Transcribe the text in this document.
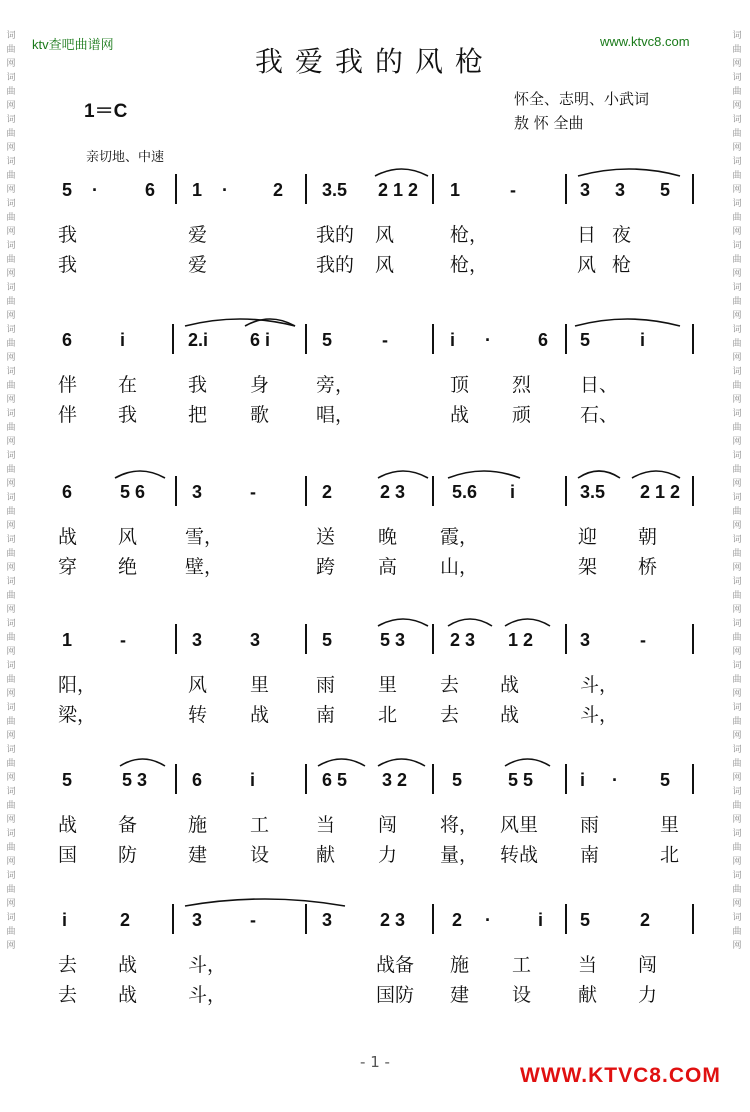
词
曲
网
词
曲
网
词
曲
网
词
曲
网
词
曲
网
词
曲
网
词
曲
网
词
曲
网
词
曲
网
词
曲
网
词
曲
网
词
曲
网
词
曲
网
词
曲
网
词
曲
网
词
曲
网
词
曲
网
词
曲
网
词
曲
网
词
曲
网
词
曲
网
词
曲
网
词
曲
网
词
曲
网
词
曲
网
词
曲
网
词
曲
网
词
曲
网
词
曲
网
词
曲
网
词
曲
网
词
曲
网
词
曲
网
词
曲
网
词
曲
网
词
曲
网
词
曲
网
词
曲
网
词
曲
网
词
曲
网
词
曲
网
词
曲
网
词
曲
网
词
曲
网
ktv查吧曲谱网	www.ktvc8.com
我爱我的风枪
1＝C
怀全、志明、小武词
敖 怀 全曲
亲切地、中速
5 ·	6 1 ·	2 3.5 2 1 2 1	-	3 3 5
我	爱	我的 风	枪，	日 夜
我	爱	我的 风	枪，	风 枪
6	i	2.i 6 i	5	-	i ·	6 5	i
伴 在	我 身 旁，	顶 烈	日、
伴 我	把 歌 唱，	战 顽	石、
6	5 6	3	-	2	2 3	5.6 i	3.5 2 1 2
战 风	雪，	送 晚 霞，	迎 朝
穿 绝	壁，	跨 高 山，	架 桥
1	-	3	3	5	5 3 2 3 1 2	3	-
阳，	风 里 雨 里 去 战	斗，
梁，	转 战 南 北 去 战	斗，
5	5 3 6	i	6 5 3 2 5	5 5	i · 5
战 备	施 工 当 闯 将， 风里 雨	里
国 防	建 设 献 力 量， 转战 南	北
i	2	3	-	3	2 3	2 ·	i 5	2
去 战	斗，	战备 施 工 当 闯
去 战	斗，	国防 建 设 献 力
- 1 -
WWW.KTVC8.COM
